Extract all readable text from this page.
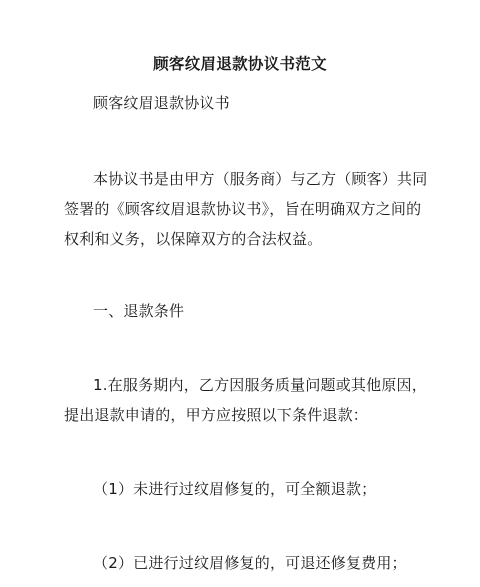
顾客纹眉退款协议书范文
顾客纹眉退款协议书
本协议书是由甲方（服务商）与乙方（顾客）共同
签署的《顾客纹眉退款协议书》，旨在明确双方之间的
权利和义务，以保障双方的合法权益。
一、退款条件
1.在服务期内，乙方因服务质量问题或其他原因，
提出退款申请的，甲方应按照以下条件退款：
（1）未进行过纹眉修复的，可全额退款；
（2）已进行过纹眉修复的，可退还修复费用；
